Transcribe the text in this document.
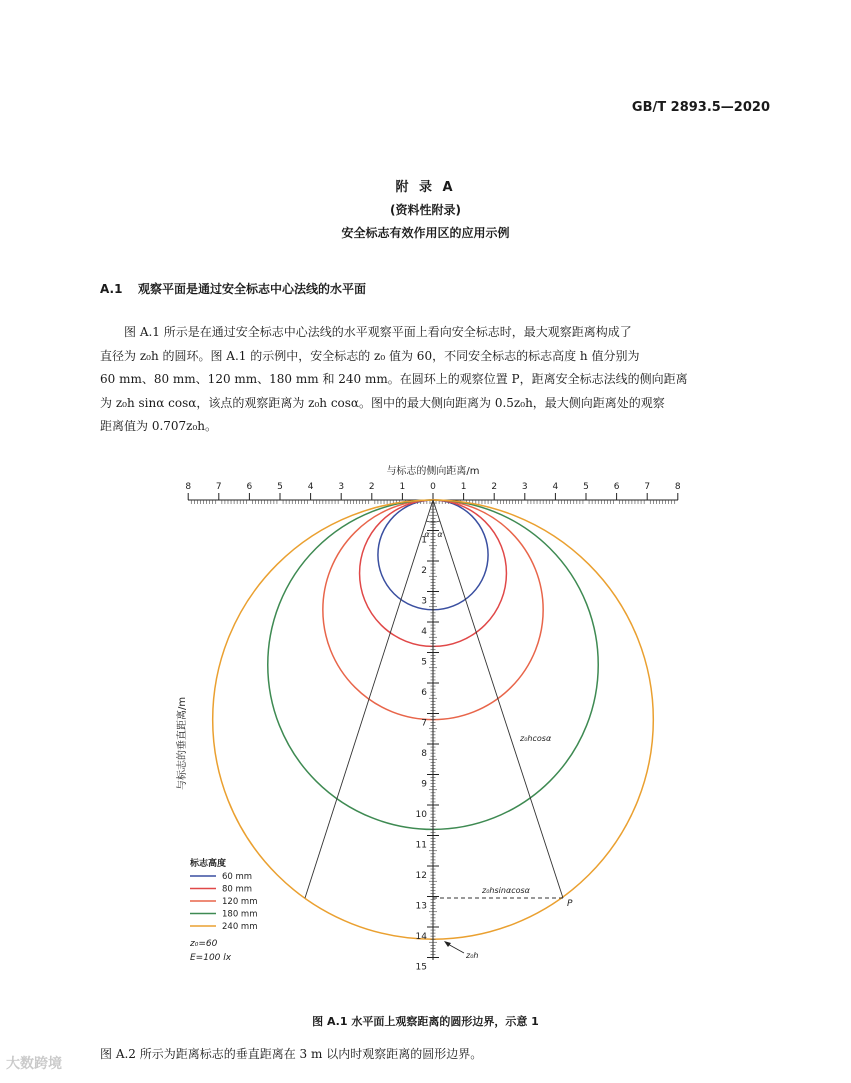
GB/T 2893.5—2020
附 录 A
(资料性附录)
安全标志有效作用区的应用示例
A.1 观察平面是通过安全标志中心法线的水平面

图 A.1 所示是在通过安全标志中心法线的水平观察平面上看向安全标志时，最大观察距离构成了

直径为 z₀h 的圆环。图 A.1 的示例中，安全标志的 z₀ 值为 60，不同安全标志的标志高度 h 值分别为

60 mm、80 mm、120 mm、180 mm 和 240 mm。在圆环上的观察位置 P，距离安全标志法线的侧向距离

为 z₀h sinα cosα，该点的观察距离为 z₀h cosα。图中的最大侧向距离为 0.5z₀h，最大侧向距离处的观察

距离值为 0.707z₀h。

与标志的侧向距离/m
8	7	6	5	4	3	2	1	0	1	2	3	4	5	6	7	8
1
2
3
4
5
6
7
8
9
10
11
12
13
14
15
与标志的垂直距离/m
α α
z₀hcosα
z₀hsinαcosα
P
z₀h
标志高度
60 mm
80 mm
120 mm
180 mm
240 mm
z₀=60
E=100 lx
图 A.1 水平面上观察距离的圆形边界，示意 1
图 A.2 所示为距离标志的垂直距离在 3 m 以内时观察距离的圆形边界。
大数跨境
